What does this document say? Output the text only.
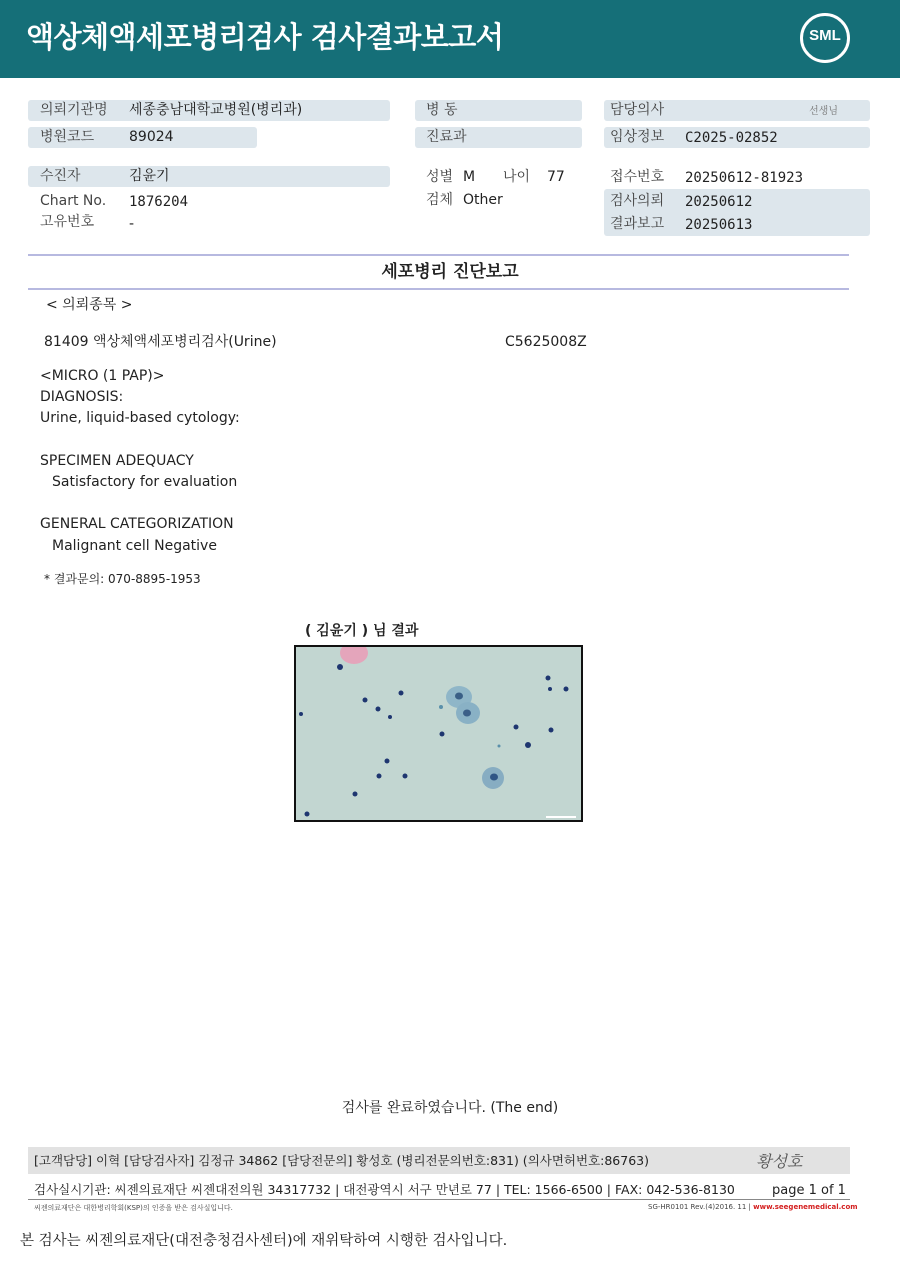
액상체액세포병리검사 검사결과보고서	SML
의뢰기관명 세종충남대학교병원(병리과)
병원코드 89024
수진자	김윤기
Chart No. 1876204
고유번호 -
병 동
진료과
성별 M 나이 77
검체 Other
담당의사	선생님
임상정보 C2025-02852
접수번호 20250612-81923
검사의뢰 20250612
결과보고 20250613
세포병리 진단보고
< 의뢰종목 >
81409 액상체액세포병리검사(Urine)	C5625008Z
<MICRO (1 PAP)>
DIAGNOSIS:
Urine, liquid-based cytology:
SPECIMEN ADEQUACY
Satisfactory for evaluation
GENERAL CATEGORIZATION
Malignant cell Negative
* 결과문의: 070-8895-1953
( 김윤기 ) 님 결과
검사를 완료하였습니다. (The end)
[고객담당] 이혁 [담당검사자] 김정규 34862 [담당전문의] 황성호 (병리전문의번호:831) (의사면허번호:86763)	황성호
검사실시기관: 씨젠의료재단 씨젠대전의원 34317732 | 대전광역시 서구 만년로 77 | TEL: 1566-6500 | FAX: 042-536-8130	page 1 of 1
씨젠의료재단은 대한병리학회(KSP)의 인증을 받은 검사실입니다.	SG-HR0101 Rev.(4)2016. 11 | www.seegenemedical.com
본 검사는 씨젠의료재단(대전충청검사센터)에 재위탁하여 시행한 검사입니다.
